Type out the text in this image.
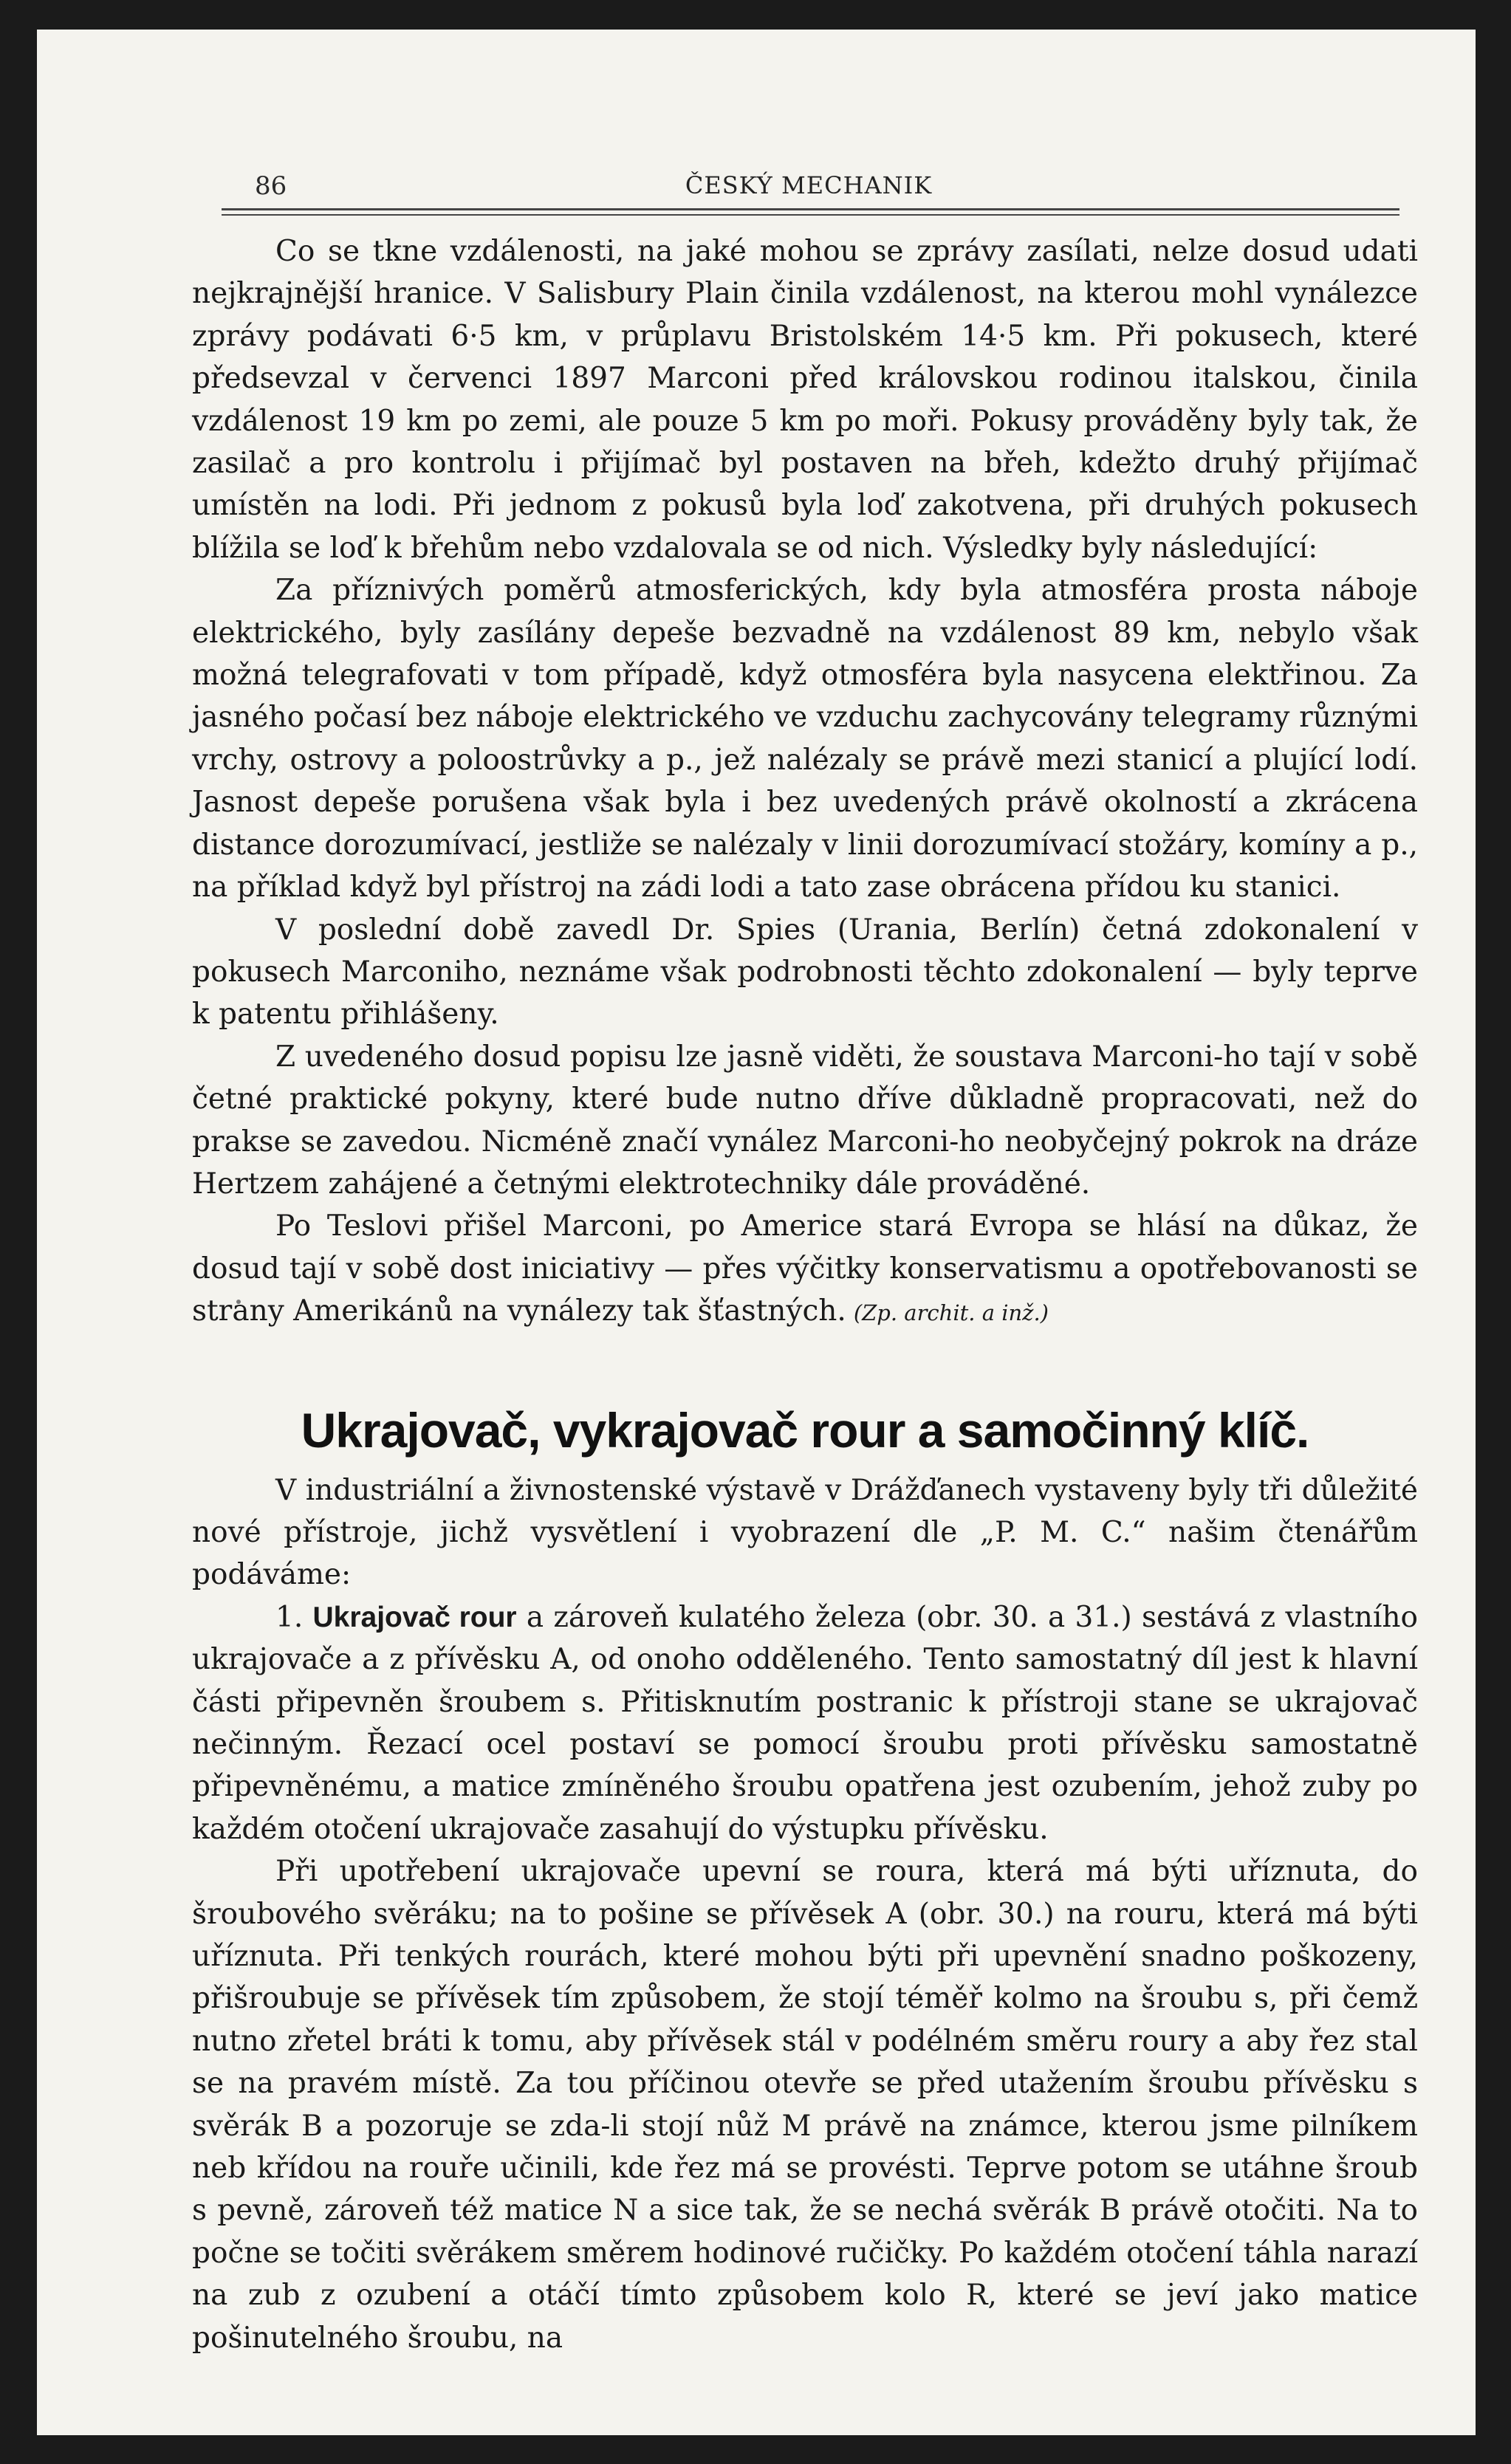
86	ČESKÝ MECHANIK

Co se tkne vzdálenosti, na jaké mohou se zprávy zasílati, nelze dosud udati nejkrajnější hranice. V Salisbury Plain činila vzdálenost, na kterou mohl vynálezce zprávy podávati 6·5 km, v průplavu Bristolském 14·5 km. Při pokusech, které předsevzal v červenci 1897 Marconi před královskou rodinou italskou, činila vzdálenost 19 km po zemi, ale pouze 5 km po moři. Pokusy prováděny byly tak, že zasilač a pro kontrolu i přijímač byl postaven na břeh, kdežto druhý přijímač umístěn na lodi. Při jednom z pokusů byla loď zakotvena, při druhých pokusech blížila se loď k břehům nebo vzdalovala se od nich. Výsledky byly následující:

Za příznivých poměrů atmosferických, kdy byla atmosféra prosta náboje elektrického, byly zasílány depeše bezvadně na vzdálenost 89 km, nebylo však možná telegrafovati v tom případě, když otmosféra byla nasycena elektřinou. Za jasného počasí bez náboje elektrického ve vzduchu zachycovány telegramy různými vrchy, ostrovy a poloostrůvky a p., jež nalézaly se právě mezi stanicí a plující lodí. Jasnost depeše porušena však byla i bez uvedených právě okolností a zkrácena distance dorozumívací, jestliže se nalézaly v linii dorozumívací stožáry, komíny a p., na příklad když byl přístroj na zádi lodi a tato zase obrácena přídou ku stanici.

V poslední době zavedl Dr. Spies (Urania, Berlín) četná zdokonalení v pokusech Marconiho, neznáme však podrobnosti těchto zdokonalení — byly teprve k patentu přihlášeny.

Z uvedeného dosud popisu lze jasně viděti, že soustava Marconi-ho tají v sobě četné praktické pokyny, které bude nutno dříve důkladně propracovati, než do prakse se zavedou. Nicméně značí vynález Marconi-ho neobyčejný pokrok na dráze Hertzem zahájené a četnými elektrotechniky dále prováděné.

Po Teslovi přišel Marconi, po Americe stará Evropa se hlásí na důkaz, že dosud tají v sobě dost iniciativy — přes výčitky konservatismu a opotřebovanosti se strany Amerikánů na vynálezy tak šťastných. (Zp. archit. a inž.)

Ukrajovač, vykrajovač rour a samočinný klíč.

V industriální a živnostenské výstavě v Drážďanech vystaveny byly tři důležité nové přístroje, jichž vysvětlení i vyobrazení dle „P. M. C.“ našim čtenářům podáváme:

1. Ukrajovač rour a zároveň kulatého železa (obr. 30. a 31.) sestává z vlastního ukrajovače a z přívěsku A, od onoho odděleného. Tento samostatný díl jest k hlavní části připevněn šroubem s. Přitisknutím postranic k přístroji stane se ukrajovač nečinným. Řezací ocel postaví se pomocí šroubu proti přívěsku samostatně připevněnému, a matice zmíněného šroubu opatřena jest ozubením, jehož zuby po každém otočení ukrajovače zasahují do výstupku přívěsku.

Při upotřebení ukrajovače upevní se roura, která má býti uříznuta, do šroubového svěráku; na to pošine se přívěsek A (obr. 30.) na rouru, která má býti uříznuta. Při tenkých rourách, které mohou býti při upevnění snadno poškozeny, přišroubuje se přívěsek tím způsobem, že stojí téměř kolmo na šroubu s, při čemž nutno zřetel bráti k tomu, aby přívěsek stál v podélném směru roury a aby řez stal se na pravém místě. Za tou příčinou otevře se před utažením šroubu přívěsku s svěrák B a pozoruje se zda-li stojí nůž M právě na známce, kterou jsme pilníkem neb křídou na rouře učinili, kde řez má se provésti. Teprve potom se utáhne šroub s pevně, zároveň též matice N a sice tak, že se nechá svěrák B právě otočiti. Na to počne se točiti svěrákem směrem hodinové ručičky. Po každém otočení táhla narazí na zub z ozubení a otáčí tímto způsobem kolo R, které se jeví jako matice pošinutelného šroubu, na
